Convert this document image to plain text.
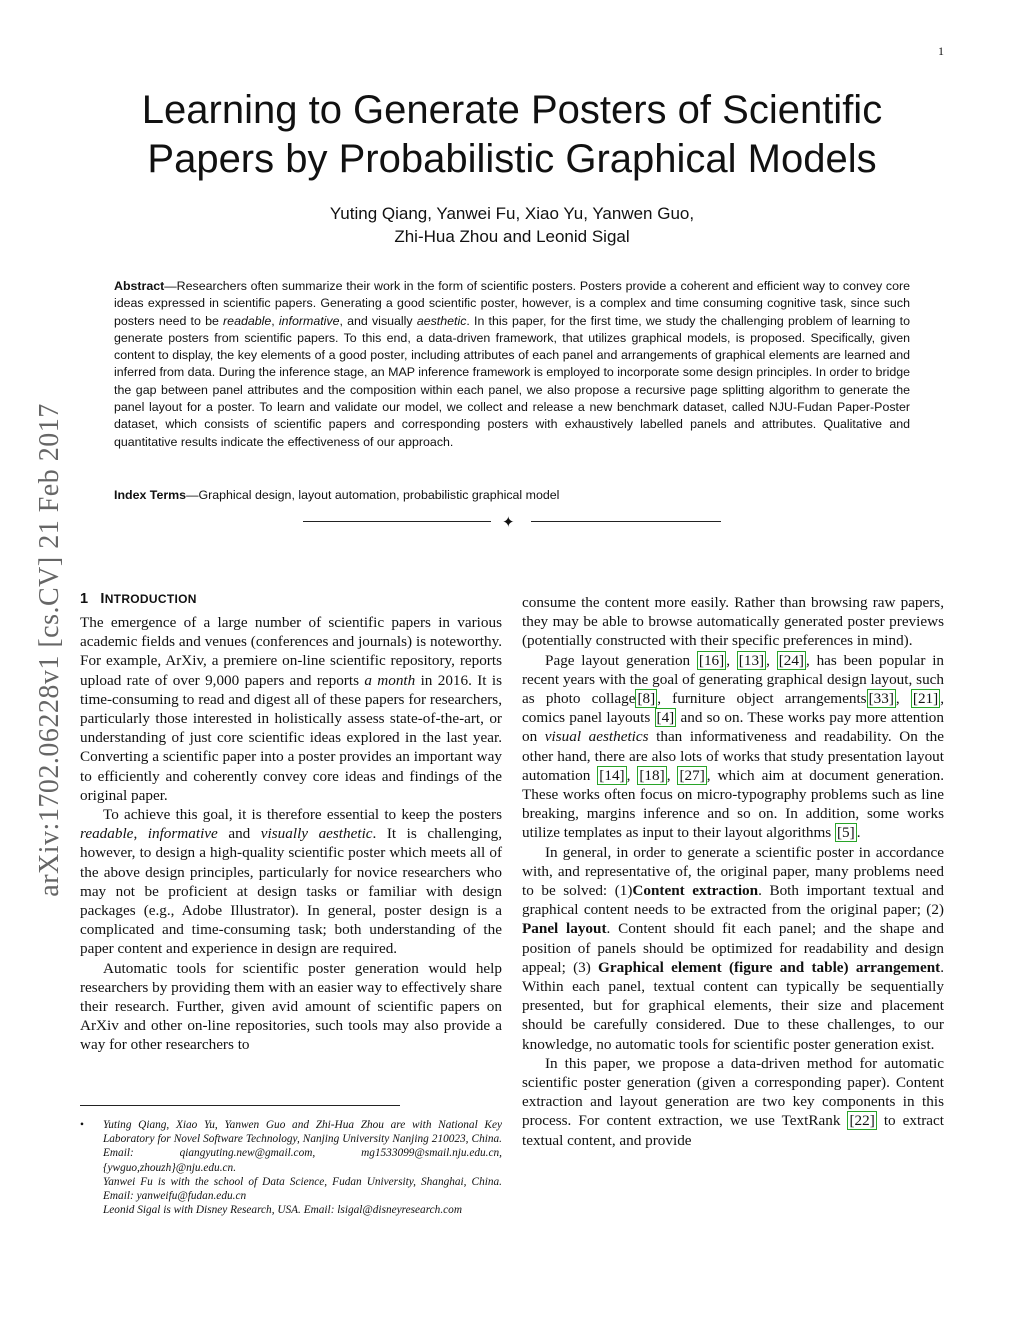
1
arXiv:1702.06228v1 [cs.CV] 21 Feb 2017
Learning to Generate Posters of Scientific
Papers by Probabilistic Graphical Models
Yuting Qiang, Yanwei Fu, Xiao Yu, Yanwen Guo,
Zhi-Hua Zhou and Leonid Sigal
Abstract—Researchers often summarize their work in the form of scientific posters. Posters provide a coherent and efficient way to convey core ideas expressed in scientific papers. Generating a good scientific poster, however, is a complex and time consuming cognitive task, since such posters need to be readable, informative, and visually aesthetic. In this paper, for the first time, we study the challenging problem of learning to generate posters from scientific papers. To this end, a data-driven framework, that utilizes graphical models, is proposed. Specifically, given content to display, the key elements of a good poster, including attributes of each panel and arrangements of graphical elements are learned and inferred from data. During the inference stage, an MAP inference framework is employed to incorporate some design principles. In order to bridge the gap between panel attributes and the composition within each panel, we also propose a recursive page splitting algorithm to generate the panel layout for a poster. To learn and validate our model, we collect and release a new benchmark dataset, called NJU-Fudan Paper-Poster dataset, which consists of scientific papers and corresponding posters with exhaustively labelled panels and attributes. Qualitative and quantitative results indicate the effectiveness of our approach.
Index Terms—Graphical design, layout automation, probabilistic graphical model
✦
1 INTRODUCTION

The emergence of a large number of scientific papers in various academic fields and venues (conferences and journals) is noteworthy. For example, ArXiv, a premiere on-line scientific repository, reports upload rate of over 9,000 papers and reports a month in 2016. It is time-consuming to read and digest all of these papers for researchers, particularly those interested in holistically assess state-of-the-art, or understanding of just core scientific ideas explored in the last year. Converting a scientific paper into a poster provides an important way to efficiently and coherently convey core ideas and findings of the original paper.

To achieve this goal, it is therefore essential to keep the posters readable, informative and visually aesthetic. It is challenging, however, to design a high-quality scientific poster which meets all of the above design principles, particularly for novice researchers who may not be proficient at design tasks or familiar with design packages (e.g., Adobe Illustrator). In general, poster design is a complicated and time-consuming task; both understanding of the paper content and experience in design are required.

Automatic tools for scientific poster generation would help researchers by providing them with an easier way to effectively share their research. Further, given avid amount of scientific papers on ArXiv and other on-line repositories, such tools may also provide a way for other researchers to

• Yuting Qiang, Xiao Yu, Yanwen Guo and Zhi-Hua Zhou are with National Key Laboratory for Novel Software Technology, Nanjing University Nanjing 210023, China. Email: qiangyuting.new@gmail.com, mg1533099@smail.nju.edu.cn, {ywguo,zhouzh}@nju.edu.cn.

Yanwei Fu is with the school of Data Science, Fudan University, Shanghai, China. Email: yanweifu@fudan.edu.cn

Leonid Sigal is with Disney Research, USA. Email: lsigal@disneyresearch.com

consume the content more easily. Rather than browsing raw papers, they may be able to browse automatically generated poster previews (potentially constructed with their specific preferences in mind).

Page layout generation [16] , [13] , [24] , has been popular in recent years with the goal of generating graphical design layout, such as photo collage [8] , furniture object arrangements [33] , [21] , comics panel layouts [4] and so on. These works pay more attention on visual aesthetics than informativeness and readability. On the other hand, there are also lots of works that study presentation layout automation [14] , [18] , [27] , which aim at document generation. These works often focus on micro-typography problems such as line breaking, margins inference and so on. In addition, some works utilize templates as input to their layout algorithms [5] .

In general, in order to generate a scientific poster in accordance with, and representative of, the original paper, many problems need to be solved: (1)Content extraction. Both important textual and graphical content needs to be extracted from the original paper; (2) Panel layout. Content should fit each panel; and the shape and position of panels should be optimized for readability and design appeal; (3) Graphical element (figure and table) arrangement. Within each panel, textual content can typically be sequentially presented, but for graphical elements, their size and placement should be carefully considered. Due to these challenges, to our knowledge, no automatic tools for scientific poster generation exist.

In this paper, we propose a data-driven method for automatic scientific poster generation (given a corresponding paper). Content extraction and layout generation are two key components in this process. For content extraction, we use TextRank [22] to extract textual content, and provide
